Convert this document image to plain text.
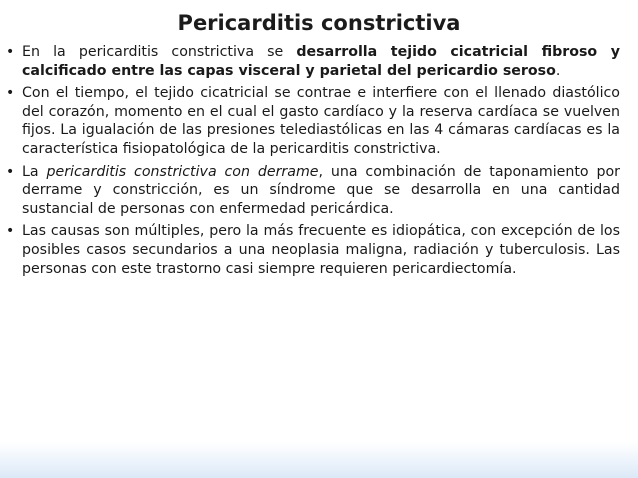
Pericarditis constrictiva
• En la pericarditis constrictiva se desarrolla tejido cicatricial fibroso y calcificado entre las capas visceral y parietal del pericardio seroso.
• Con el tiempo, el tejido cicatricial se contrae e interfiere con el llenado diastólico del corazón, momento en el cual el gasto cardíaco y la reserva cardíaca se vuelven fijos. La igualación de las presiones telediastólicas en las 4 cámaras cardíacas es la característica fisiopatológica de la pericarditis constrictiva.
• La pericarditis constrictiva con derrame, una combinación de taponamiento por derrame y constricción, es un síndrome que se desarrolla en una cantidad sustancial de personas con enfermedad pericárdica.
• Las causas son múltiples, pero la más frecuente es idiopática, con excepción de los posibles casos secundarios a una neoplasia maligna, radiación y tuberculosis. Las personas con este trastorno casi siempre requieren pericardiectomía.
